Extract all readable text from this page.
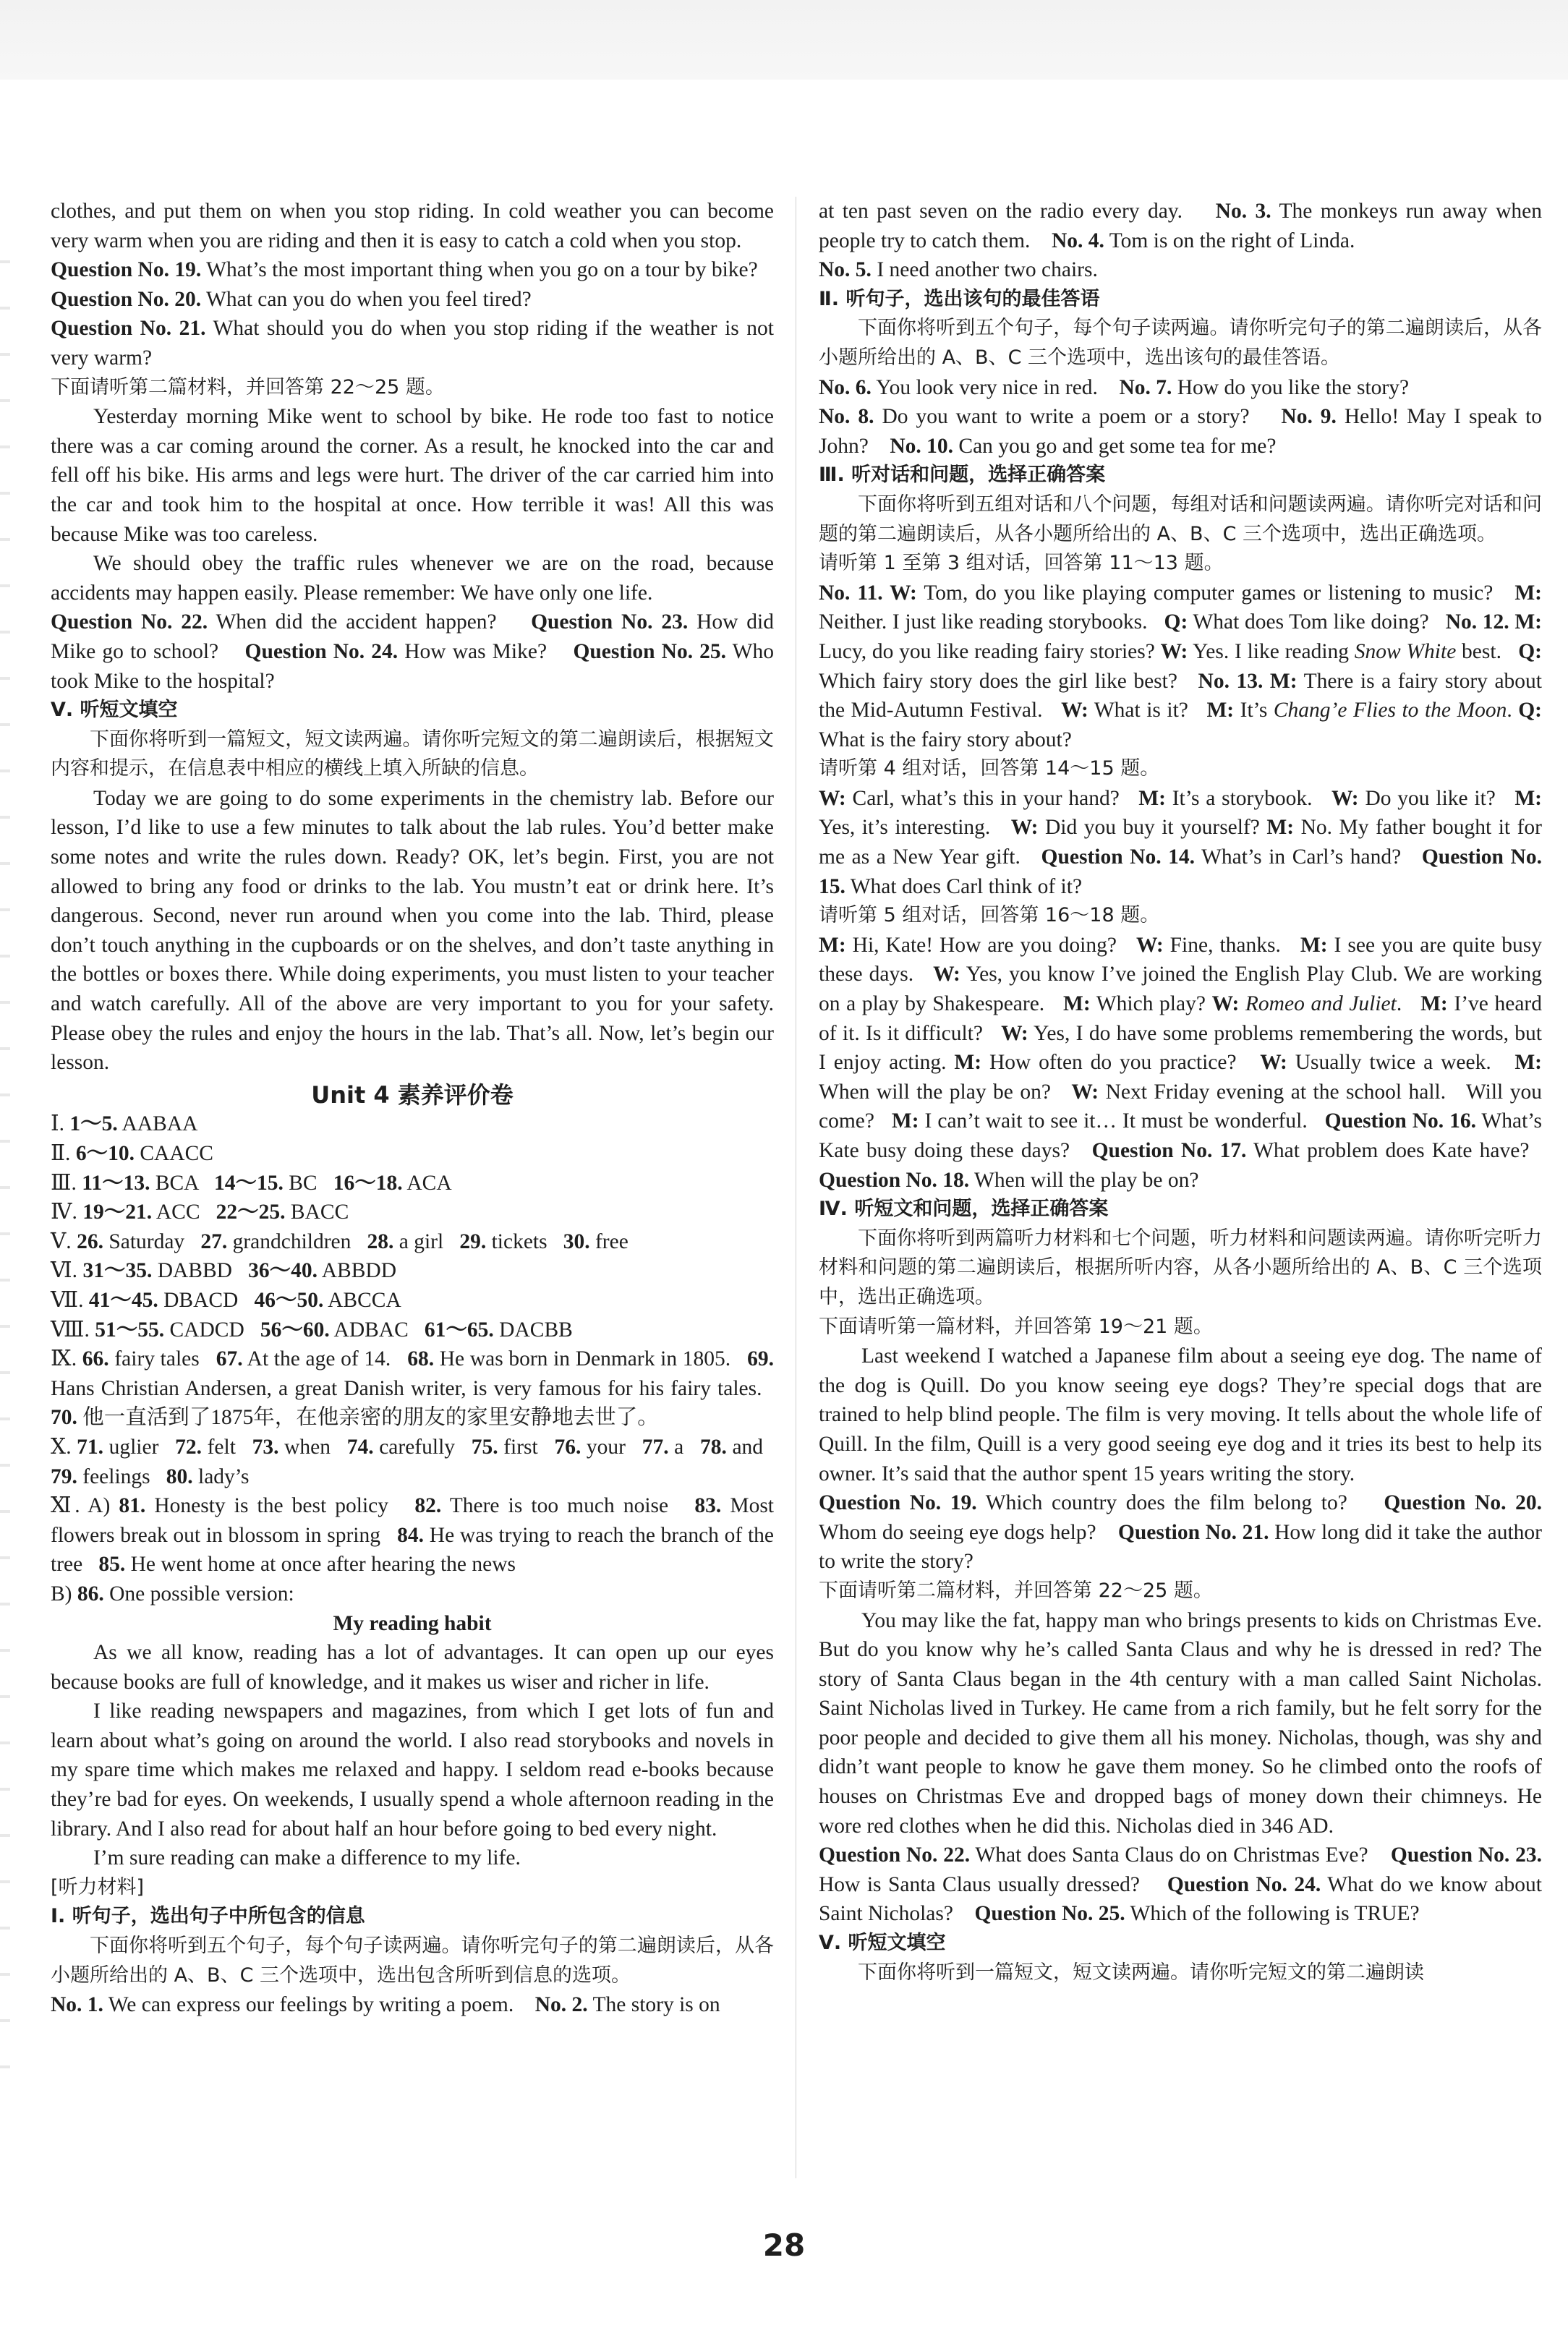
clothes, and put them on when you stop riding. In cold weather you can become very warm when you are riding and then it is easy to catch a cold when you stop.

Question No. 19. What’s the most important thing when you go on a tour by bike?    Question No. 20. What can you do when you feel tired?

Question No. 21. What should you do when you stop riding if the weather is not very warm?

下面请听第二篇材料，并回答第 22～25 题。

Yesterday morning Mike went to school by bike. He rode too fast to notice there was a car coming around the corner. As a result, he knocked into the car and fell off his bike. His arms and legs were hurt. The driver of the car carried him into the car and took him to the hospital at once. How terrible it was! All this was because Mike was too careless.

We should obey the traffic rules whenever we are on the road, because accidents may happen easily. Please remember: We have only one life.

Question No. 22. When did the accident happen?    Question No. 23. How did Mike go to school?    Question No. 24. How was Mike?    Question No. 25. Who took Mike to the hospital?

Ⅴ. 听短文填空

下面你将听到一篇短文，短文读两遍。请你听完短文的第二遍朗读后，根据短文内容和提示，在信息表中相应的横线上填入所缺的信息。

Today we are going to do some experiments in the chemistry lab. Before our lesson, I’d like to use a few minutes to talk about the lab rules. You’d better make some notes and write the rules down. Ready? OK, let’s begin. First, you are not allowed to bring any food or drinks to the lab. You mustn’t eat or drink here. It’s dangerous. Second, never run around when you come into the lab. Third, please don’t touch anything in the cupboards or on the shelves, and don’t taste anything in the bottles or boxes there. While doing experiments, you must listen to your teacher and watch carefully. All of the above are very important to you for your safety. Please obey the rules and enjoy the hours in the lab. That’s all. Now, let’s begin our lesson.

Unit 4 素养评价卷

Ⅰ. 1～5. AABAA

Ⅱ. 6～10. CAACC

Ⅲ. 11～13. BCA   14～15. BC   16～18. ACA

Ⅳ. 19～21. ACC   22～25. BACC

Ⅴ. 26. Saturday   27. grandchildren   28. a girl   29. tickets   30. free

Ⅵ. 31～35. DABBD   36～40. ABBDD

Ⅶ. 41～45. DBACD   46～50. ABCCA

Ⅷ. 51～55. CADCD   56～60. ADBAC   61～65. DACBB

Ⅸ. 66. fairy tales   67. At the age of 14.   68. He was born in Denmark in 1805.   69. Hans Christian Andersen, a great Danish writer, is very famous for his fairy tales.   70. 他一直活到了1875年，在他亲密的朋友的家里安静地去世了。

Ⅹ. 71. uglier   72. felt   73. when   74. carefully   75. first   76. your   77. a   78. and   79. feelings   80. lady’s

Ⅺ. A) 81. Honesty is the best policy   82. There is too much noise   83. Most flowers break out in blossom in spring   84. He was trying to reach the branch of the tree   85. He went home at once after hearing the news

B) 86. One possible version:

My reading habit

As we all know, reading has a lot of advantages. It can open up our eyes because books are full of knowledge, and it makes us wiser and richer in life.

I like reading newspapers and magazines, from which I get lots of fun and learn about what’s going on around the world. I also read storybooks and novels in my spare time which makes me relaxed and happy. I seldom read e-books because they’re bad for eyes. On weekends, I usually spend a whole afternoon reading in the library. And I also read for about half an hour before going to bed every night.

I’m sure reading can make a difference to my life.

[听力材料]

Ⅰ. 听句子，选出句子中所包含的信息

下面你将听到五个句子，每个句子读两遍。请你听完句子的第二遍朗读后，从各小题所给出的 A、B、C 三个选项中，选出包含所听到信息的选项。

No. 1. We can express our feelings by writing a poem.    No. 2. The story is on

at ten past seven on the radio every day.    No. 3. The monkeys run away when people try to catch them.    No. 4. Tom is on the right of Linda.

No. 5. I need another two chairs.

Ⅱ. 听句子，选出该句的最佳答语

下面你将听到五个句子，每个句子读两遍。请你听完句子的第二遍朗读后，从各小题所给出的 A、B、C 三个选项中，选出该句的最佳答语。

No. 6. You look very nice in red.    No. 7. How do you like the story?

No. 8. Do you want to write a poem or a story?    No. 9. Hello! May I speak to John?    No. 10. Can you go and get some tea for me?

Ⅲ. 听对话和问题，选择正确答案

下面你将听到五组对话和八个问题，每组对话和问题读两遍。请你听完对话和问题的第二遍朗读后，从各小题所给出的 A、B、C 三个选项中，选出正确选项。

请听第 1 至第 3 组对话，回答第 11～13 题。

No. 11. W: Tom, do you like playing computer games or listening to music?   M: Neither. I just like reading storybooks.   Q: What does Tom like doing?   No. 12. M: Lucy, do you like reading fairy stories? W: Yes. I like reading Snow White best.   Q: Which fairy story does the girl like best?   No. 13. M: There is a fairy story about the Mid-Autumn Festival.   W: What is it?   M: It’s Chang’e Flies to the Moon. Q: What is the fairy story about?

请听第 4 组对话，回答第 14～15 题。

W: Carl, what’s this in your hand?   M: It’s a storybook.   W: Do you like it?   M: Yes, it’s interesting.   W: Did you buy it yourself? M: No. My father bought it for me as a New Year gift.   Question No. 14. What’s in Carl’s hand?   Question No. 15. What does Carl think of it?

请听第 5 组对话，回答第 16～18 题。

M: Hi, Kate! How are you doing?   W: Fine, thanks.   M: I see you are quite busy these days.   W: Yes, you know I’ve joined the English Play Club. We are working on a play by Shakespeare.   M: Which play? W: Romeo and Juliet.   M: I’ve heard of it. Is it difficult?   W: Yes, I do have some problems remembering the words, but I enjoy acting. M: How often do you practice?   W: Usually twice a week.   M: When will the play be on?   W: Next Friday evening at the school hall.   Will you come?   M: I can’t wait to see it… It must be wonderful.   Question No. 16. What’s Kate busy doing these days?   Question No. 17. What problem does Kate have?   Question No. 18. When will the play be on?

Ⅳ. 听短文和问题，选择正确答案

下面你将听到两篇听力材料和七个问题，听力材料和问题读两遍。请你听完听力材料和问题的第二遍朗读后，根据所听内容，从各小题所给出的 A、B、C 三个选项中，选出正确选项。

下面请听第一篇材料，并回答第 19～21 题。

Last weekend I watched a Japanese film about a seeing eye dog. The name of the dog is Quill. Do you know seeing eye dogs? They’re special dogs that are trained to help blind people. The film is very moving. It tells about the whole life of Quill. In the film, Quill is a very good seeing eye dog and it tries its best to help its owner. It’s said that the author spent 15 years writing the story.

Question No. 19. Which country does the film belong to?    Question No. 20. Whom do seeing eye dogs help?    Question No. 21. How long did it take the author to write the story?

下面请听第二篇材料，并回答第 22～25 题。

You may like the fat, happy man who brings presents to kids on Christmas Eve. But do you know why he’s called Santa Claus and why he is dressed in red? The story of Santa Claus began in the 4th century with a man called Saint Nicholas. Saint Nicholas lived in Turkey. He came from a rich family, but he felt sorry for the poor people and decided to give them all his money. Nicholas, though, was shy and didn’t want people to know he gave them money. So he climbed onto the roofs of houses on Christmas Eve and dropped bags of money down their chimneys. He wore red clothes when he did this. Nicholas died in 346 AD.

Question No. 22. What does Santa Claus do on Christmas Eve?    Question No. 23. How is Santa Claus usually dressed?    Question No. 24. What do we know about Saint Nicholas?    Question No. 25. Which of the following is TRUE?

Ⅴ. 听短文填空

下面你将听到一篇短文，短文读两遍。请你听完短文的第二遍朗读

28
